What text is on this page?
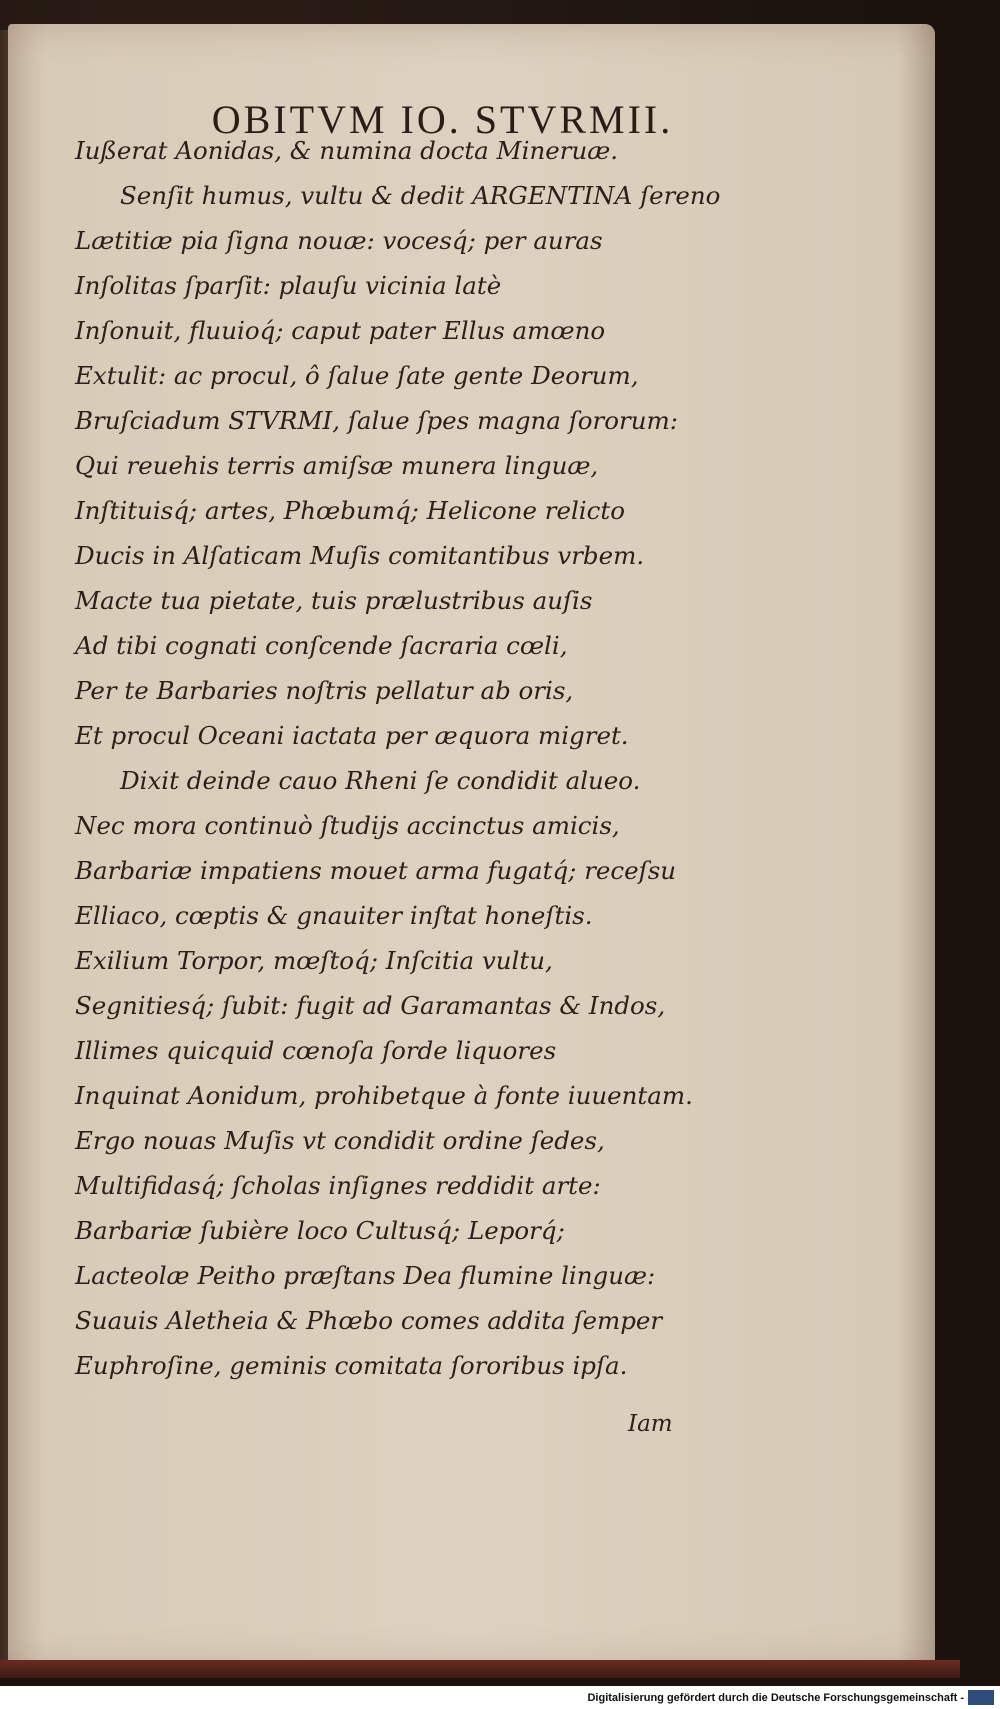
OBITVM IO. STVRMII.

Iußerat Aonidas, & numina docta Mineruæ.

Senſit humus, vultu & dedit ARGENTINA ſereno

Lætitiæ pia ſigna nouæ: vocesq́; per auras

Inſolitas ſparſit: plauſu vicinia latè

Inſonuit, fluuioq́; caput pater Ellus amœno

Extulit: ac procul, ô ſalue ſate gente Deorum,

Bruſciadum STVRMI, ſalue ſpes magna ſororum:

Qui reuehis terris amiſsæ munera linguæ,

Inſtituisq́; artes, Phœbumq́; Helicone relicto

Ducis in Alſaticam Muſis comitantibus vrbem.

Macte tua pietate, tuis prælustribus auſis

Ad tibi cognati conſcende ſacraria cœli,

Per te Barbaries noſtris pellatur ab oris,

Et procul Oceani iactata per æquora migret.

Dixit deinde cauo Rheni ſe condidit alueo.

Nec mora continuò ſtudijs accinctus amicis,

Barbariæ impatiens mouet arma fugatq́; receſsu

Elliaco, cœptis & gnauiter inſtat honeſtis.

Exilium Torpor, mœſtoq́; Inſcitia vultu,

Segnitiesq́; ſubit: fugit ad Garamantas & Indos,

Illimes quicquid cœnoſa ſorde liquores

Inquinat Aonidum, prohibetque à fonte iuuentam.

Ergo nouas Muſis vt condidit ordine ſedes,

Multifidasq́; ſcholas inſignes reddidit arte:

Barbariæ ſubière loco Cultusq́; Leporq́;

Lacteolæ Peitho præſtans Dea flumine linguæ:

Suauis Aletheia & Phœbo comes addita ſemper

Euphroſine, geminis comitata ſororibus ipſa.

Iam
Digitalisierung gefördert durch die Deutsche Forschungsgemeinschaft -
